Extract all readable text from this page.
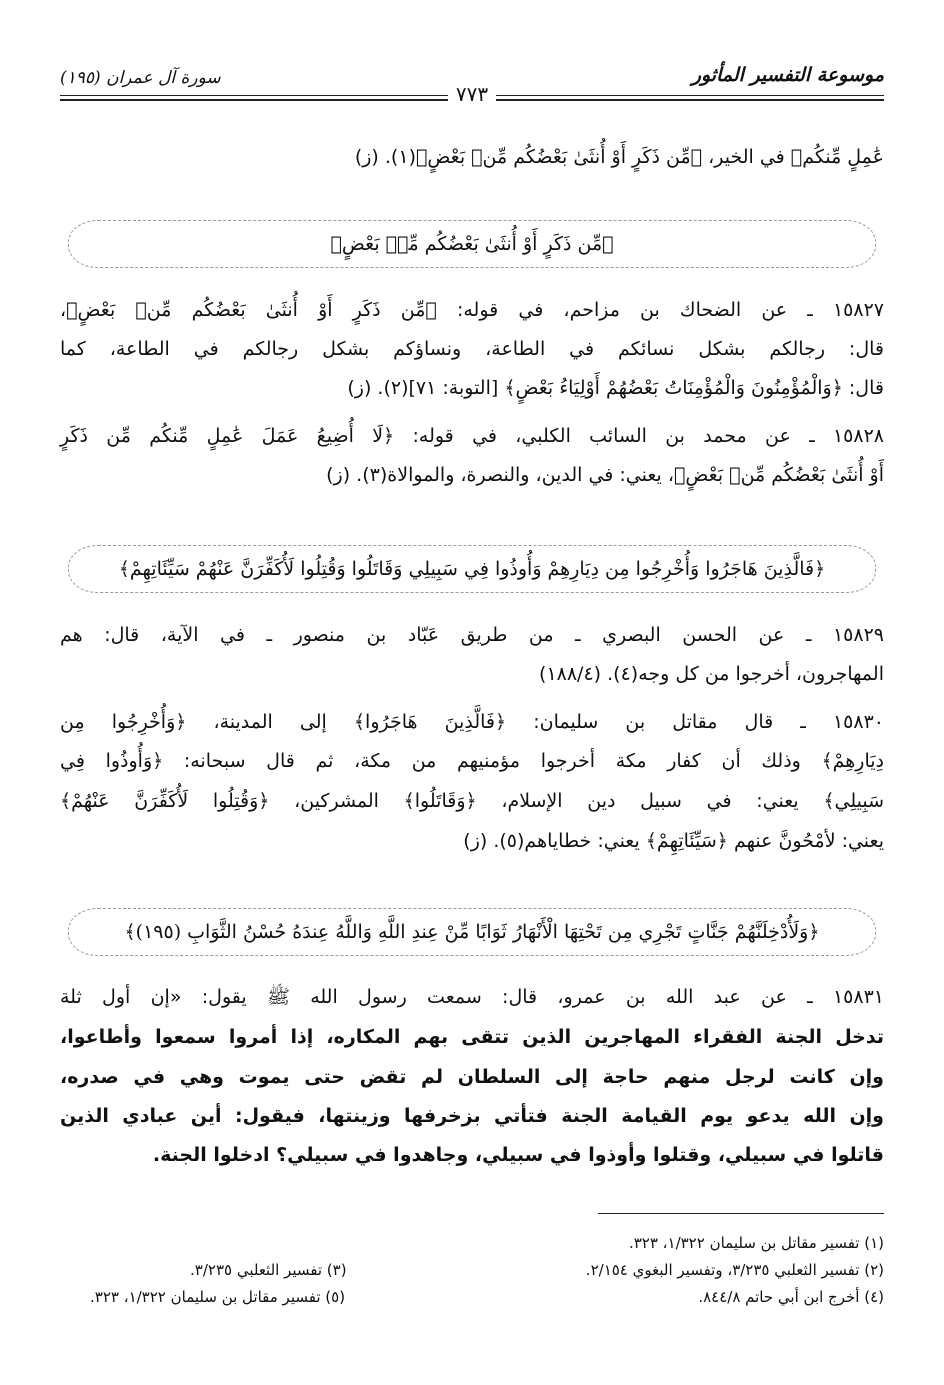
موسوعة التفسير المأثور
سورة آل عمران (١٩٥)
٧٧٣
عَٰمِلٍ مِّنكُم﴾ في الخير، ﴿مِّن ذَكَرٍ أَوْ أُنثَىٰ بَعْضُكُم مِّنۢ بَعْضٍ﴾(١). (ز)
﴿مِّن ذَكَرٍ أَوْ أُنثَىٰ بَعْضُكُم مِّنۢ بَعْضٍ﴾
١٥٨٢٧ ـ عن الضحاك بن مزاحم، في قوله: ﴿مِّن ذَكَرٍ أَوْ أُنثَىٰ بَعْضُكُم مِّنۢ بَعْضٍ﴾،
قال: رجالكم بشكل نسائكم في الطاعة، ونساؤكم بشكل رجالكم في الطاعة، كما
قال: ﴿وَالْمُؤْمِنُونَ وَالْمُؤْمِنَاتُ بَعْضُهُمْ أَوْلِيَاءُ بَعْضٍ﴾ [التوبة: ٧١](٢). (ز)
١٥٨٢٨ ـ عن محمد بن السائب الكلبي، في قوله: ﴿لَا أُضِيعُ عَمَلَ عَٰمِلٍ مِّنكُم مِّن ذَكَرٍ
أَوْ أُنثَىٰ بَعْضُكُم مِّنۢ بَعْضٍ﴾، يعني: في الدين، والنصرة، والموالاة(٣). (ز)
﴿فَالَّذِينَ هَاجَرُوا وَأُخْرِجُوا مِن دِيَارِهِمْ وَأُوذُوا فِي سَبِيلِي وَقَاتَلُوا وَقُتِلُوا لَأُكَفِّرَنَّ عَنْهُمْ سَيِّئَاتِهِمْ﴾
١٥٨٢٩ ـ عن الحسن البصري ـ من طريق عَبّاد بن منصور ـ في الآية، قال: هم
المهاجرون، أخرجوا من كل وجه(٤). (١٨٨/٤)
١٥٨٣٠ ـ قال مقاتل بن سليمان: ﴿فَالَّذِينَ هَاجَرُوا﴾ إلى المدينة، ﴿وَأُخْرِجُوا مِن
دِيَارِهِمْ﴾ وذلك أن كفار مكة أخرجوا مؤمنيهم من مكة، ثم قال سبحانه: ﴿وَأُوذُوا فِي
سَبِيلِي﴾ يعني: في سبيل دين الإسلام، ﴿وَقَاتَلُوا﴾ المشركين، ﴿وَقُتِلُوا لَأُكَفِّرَنَّ عَنْهُمْ﴾
يعني: لأمْحُونَّ عنهم ﴿سَيِّئَاتِهِمْ﴾ يعني: خطاياهم(٥). (ز)
﴿وَلَأُدْخِلَنَّهُمْ جَنَّاتٍ تَجْرِي مِن تَحْتِهَا الْأَنْهَارُ ثَوَابًا مِّنْ عِندِ اللَّهِ وَاللَّهُ عِندَهُ حُسْنُ الثَّوَابِ (١٩٥)﴾
١٥٨٣١ ـ عن عبد الله بن عمرو، قال: سمعت رسول الله ﷺ يقول: «إن أول ثلة
تدخل الجنة الفقراء المهاجرين الذين تتقى بهم المكاره، إذا أمروا سمعوا وأطاعوا،
وإن كانت لرجل منهم حاجة إلى السلطان لم تقض حتى يموت وهي في صدره،
وإن الله يدعو يوم القيامة الجنة فتأتي بزخرفها وزينتها، فيقول: أين عبادي الذين
قاتلوا في سبيلي، وقتلوا وأوذوا في سبيلي، وجاهدوا في سبيلي؟ ادخلوا الجنة.
(١) تفسير مقاتل بن سليمان ١/٣٢٢، ٣٢٣.
(٢) تفسير الثعلبي ٣/٢٣٥، وتفسير البغوي ٢/١٥٤.
(٣) تفسير الثعلبي ٣/٢٣٥.
(٤) أخرج ابن أبي حاتم ٨٤٤/٨.
(٥) تفسير مقاتل بن سليمان ١/٣٢٢، ٣٢٣.
